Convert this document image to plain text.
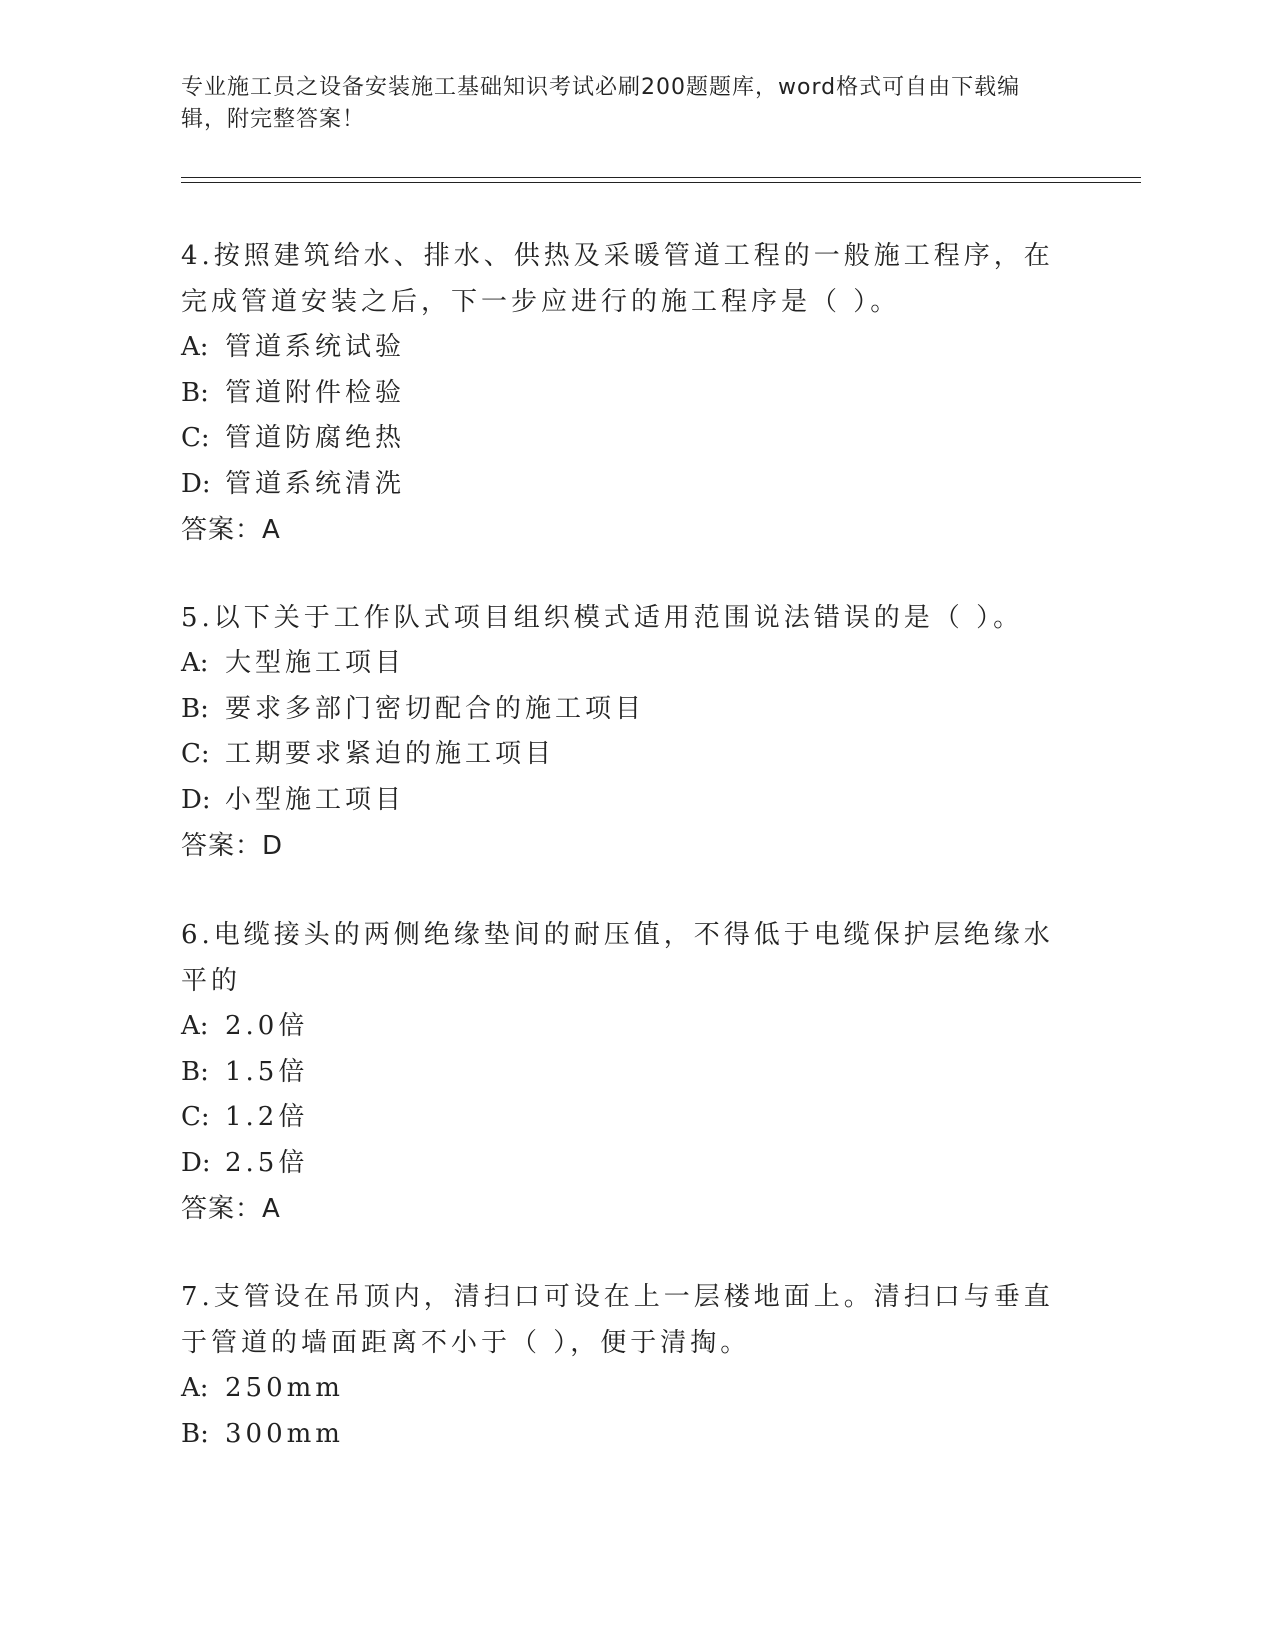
专业施工员之设备安装施工基础知识考试必刷200题题库，word格式可自由下载编辑，附完整答案！

4.按照建筑给水、排水、供热及采暖管道工程的一般施工程序，在完成管道安装之后，下一步应进行的施工程序是（ ）。

A: 管道系统试验

B: 管道附件检验

C: 管道防腐绝热

D: 管道系统清洗

答案：A

5.以下关于工作队式项目组织模式适用范围说法错误的是（ ）。

A: 大型施工项目

B: 要求多部门密切配合的施工项目

C: 工期要求紧迫的施工项目

D: 小型施工项目

答案：D

6.电缆接头的两侧绝缘垫间的耐压值，不得低于电缆保护层绝缘水平的

A: 2.0倍

B: 1.5倍

C: 1.2倍

D: 2.5倍

答案：A

7.支管设在吊顶内，清扫口可设在上一层楼地面上。清扫口与垂直于管道的墙面距离不小于（ ），便于清掏。

A: 250mm

B: 300mm
